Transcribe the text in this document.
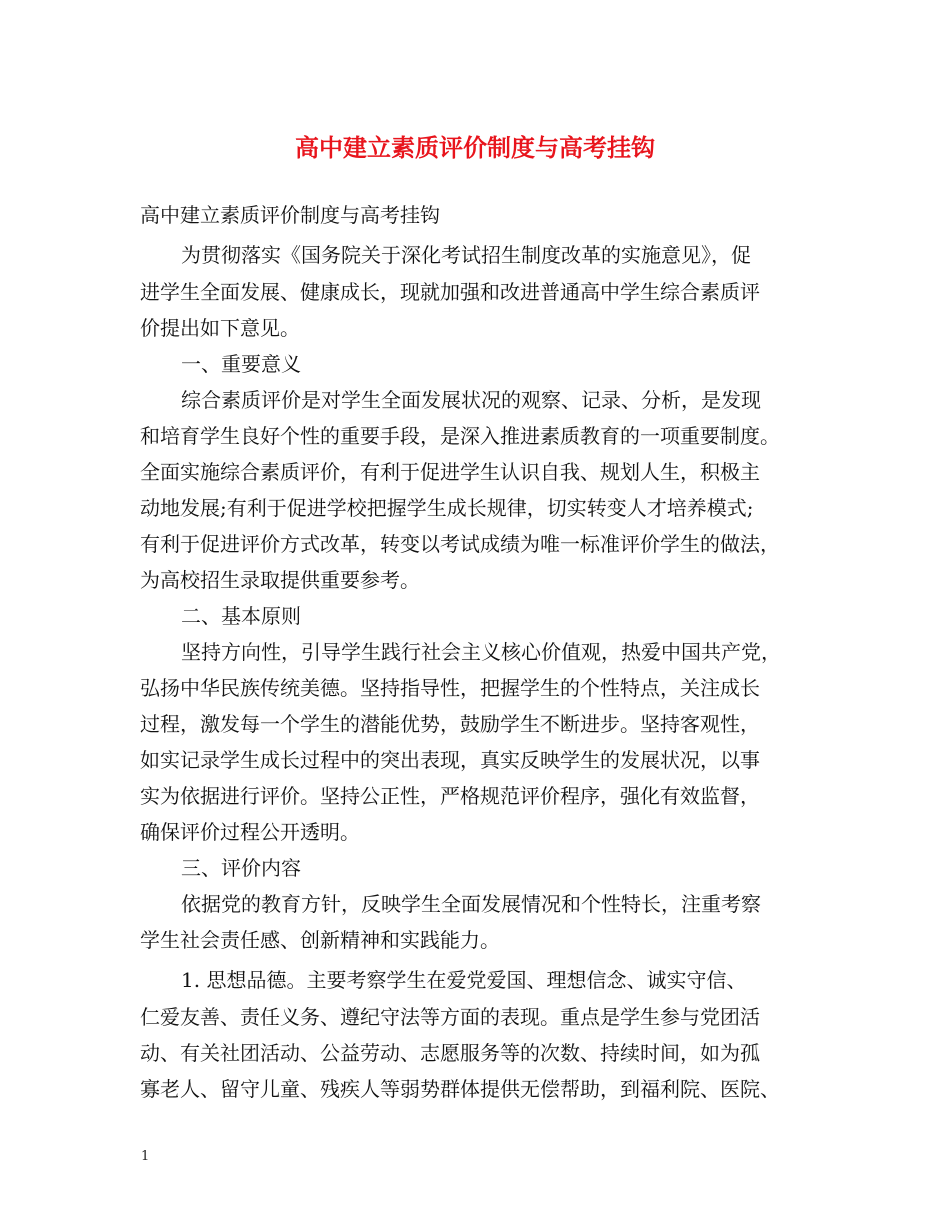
高中建立素质评价制度与高考挂钩

高中建立素质评价制度与高考挂钩

为贯彻落实《国务院关于深化考试招生制度改革的实施意见》，促

进学生全面发展、健康成长，现就加强和改进普通高中学生综合素质评

价提出如下意见。

一、重要意义

综合素质评价是对学生全面发展状况的观察、记录、分析，是发现

和培育学生良好个性的重要手段，是深入推进素质教育的一项重要制度。

全面实施综合素质评价，有利于促进学生认识自我、规划人生，积极主

动地发展;有利于促进学校把握学生成长规律，切实转变人才培养模式;

有利于促进评价方式改革，转变以考试成绩为唯一标准评价学生的做法，

为高校招生录取提供重要参考。

二、基本原则

坚持方向性，引导学生践行社会主义核心价值观，热爱中国共产党，

弘扬中华民族传统美德。坚持指导性，把握学生的个性特点，关注成长

过程，激发每一个学生的潜能优势，鼓励学生不断进步。坚持客观性，

如实记录学生成长过程中的突出表现，真实反映学生的发展状况，以事

实为依据进行评价。坚持公正性，严格规范评价程序，强化有效监督，

确保评价过程公开透明。

三、评价内容

依据党的教育方针，反映学生全面发展情况和个性特长，注重考察

学生社会责任感、创新精神和实践能力。

1. 思想品德。主要考察学生在爱党爱国、理想信念、诚实守信、

仁爱友善、责任义务、遵纪守法等方面的表现。重点是学生参与党团活

动、有关社团活动、公益劳动、志愿服务等的次数、持续时间，如为孤

寡老人、留守儿童、残疾人等弱势群体提供无偿帮助，到福利院、医院、

1
